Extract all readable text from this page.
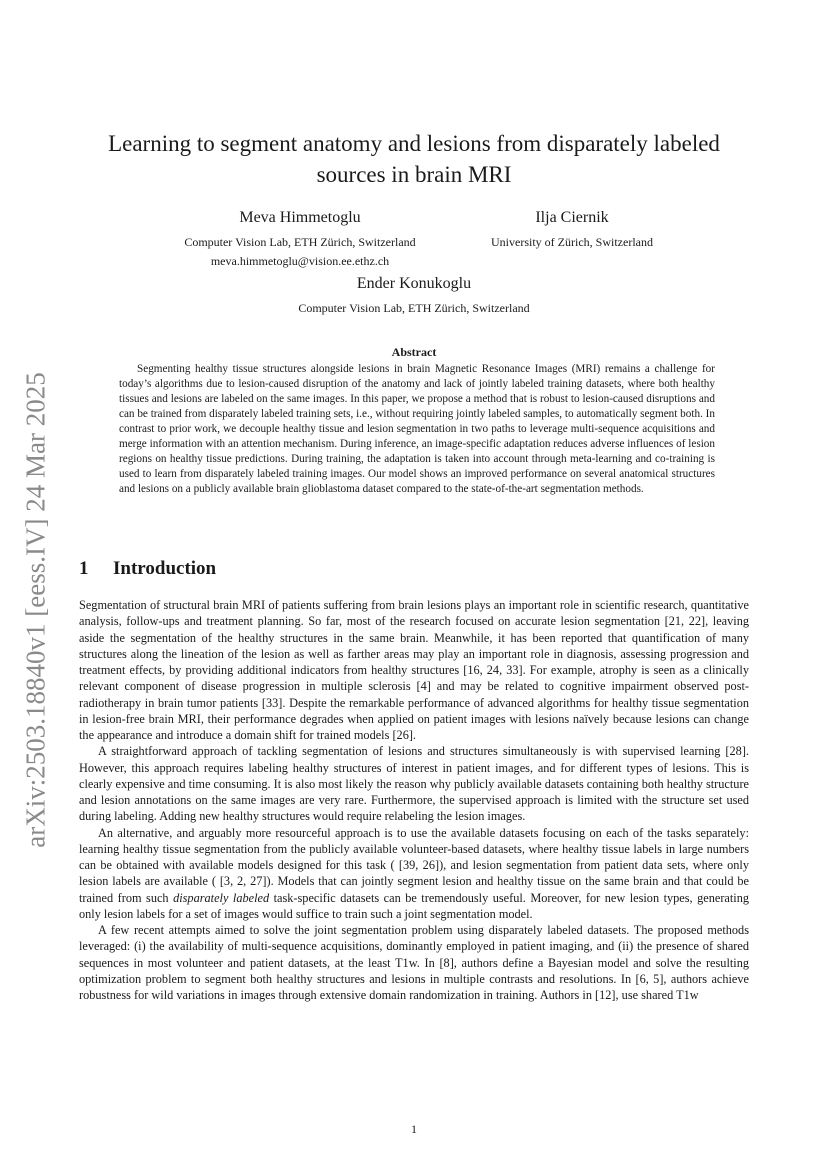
arXiv:2503.18840v1 [eess.IV] 24 Mar 2025
Learning to segment anatomy and lesions from disparately labeled sources in brain MRI
Meva Himmetoglu
Computer Vision Lab, ETH Zürich, Switzerland
meva.himmetoglu@vision.ee.ethz.ch
Ilja Ciernik
University of Zürich, Switzerland
Ender Konukoglu
Computer Vision Lab, ETH Zürich, Switzerland
Abstract
Segmenting healthy tissue structures alongside lesions in brain Magnetic Resonance Images (MRI) remains a challenge for today’s algorithms due to lesion-caused disruption of the anatomy and lack of jointly labeled training datasets, where both healthy tissues and lesions are labeled on the same images. In this paper, we propose a method that is robust to lesion-caused disruptions and can be trained from disparately labeled training sets, i.e., without requiring jointly labeled samples, to automatically segment both. In contrast to prior work, we decouple healthy tissue and lesion segmentation in two paths to leverage multi-sequence acquisitions and merge information with an attention mechanism. During inference, an image-specific adaptation reduces adverse influences of lesion regions on healthy tissue predictions. During training, the adaptation is taken into account through meta-learning and co-training is used to learn from disparately labeled training images. Our model shows an improved performance on several anatomical structures and lesions on a publicly available brain glioblastoma dataset compared to the state-of-the-art segmentation methods.
1 Introduction

Segmentation of structural brain MRI of patients suffering from brain lesions plays an important role in scientific research, quantitative analysis, follow-ups and treatment planning. So far, most of the research focused on accurate lesion segmentation [21, 22], leaving aside the segmentation of the healthy structures in the same brain. Meanwhile, it has been reported that quantification of many structures along the lineation of the lesion as well as farther areas may play an important role in diagnosis, assessing progression and treatment effects, by providing additional indicators from healthy structures [16, 24, 33]. For example, atrophy is seen as a clinically relevant component of disease progression in multiple sclerosis [4] and may be related to cognitive impairment observed post-radiotherapy in brain tumor patients [33]. Despite the remarkable performance of advanced algorithms for healthy tissue segmentation in lesion-free brain MRI, their performance degrades when applied on patient images with lesions naïvely because lesions can change the appearance and introduce a domain shift for trained models [26].

A straightforward approach of tackling segmentation of lesions and structures simultaneously is with supervised learning [28]. However, this approach requires labeling healthy structures of interest in patient images, and for different types of lesions. This is clearly expensive and time consuming. It is also most likely the reason why publicly available datasets containing both healthy structure and lesion annotations on the same images are very rare. Furthermore, the supervised approach is limited with the structure set used during labeling. Adding new healthy structures would require relabeling the lesion images.

An alternative, and arguably more resourceful approach is to use the available datasets focusing on each of the tasks separately: learning healthy tissue segmentation from the publicly available volunteer-based datasets, where healthy tissue labels in large numbers can be obtained with available models designed for this task ( [39, 26]), and lesion segmentation from patient data sets, where only lesion labels are available ( [3, 2, 27]). Models that can jointly segment lesion and healthy tissue on the same brain and that could be trained from such disparately labeled task-specific datasets can be tremendously useful. Moreover, for new lesion types, generating only lesion labels for a set of images would suffice to train such a joint segmentation model.

A few recent attempts aimed to solve the joint segmentation problem using disparately labeled datasets. The proposed methods leveraged: (i) the availability of multi-sequence acquisitions, dominantly employed in patient imaging, and (ii) the presence of shared sequences in most volunteer and patient datasets, at the least T1w. In [8], authors define a Bayesian model and solve the resulting optimization problem to segment both healthy structures and lesions in multiple contrasts and resolutions. In [6, 5], authors achieve robustness for wild variations in images through extensive domain randomization in training. Authors in [12], use shared T1w

1
